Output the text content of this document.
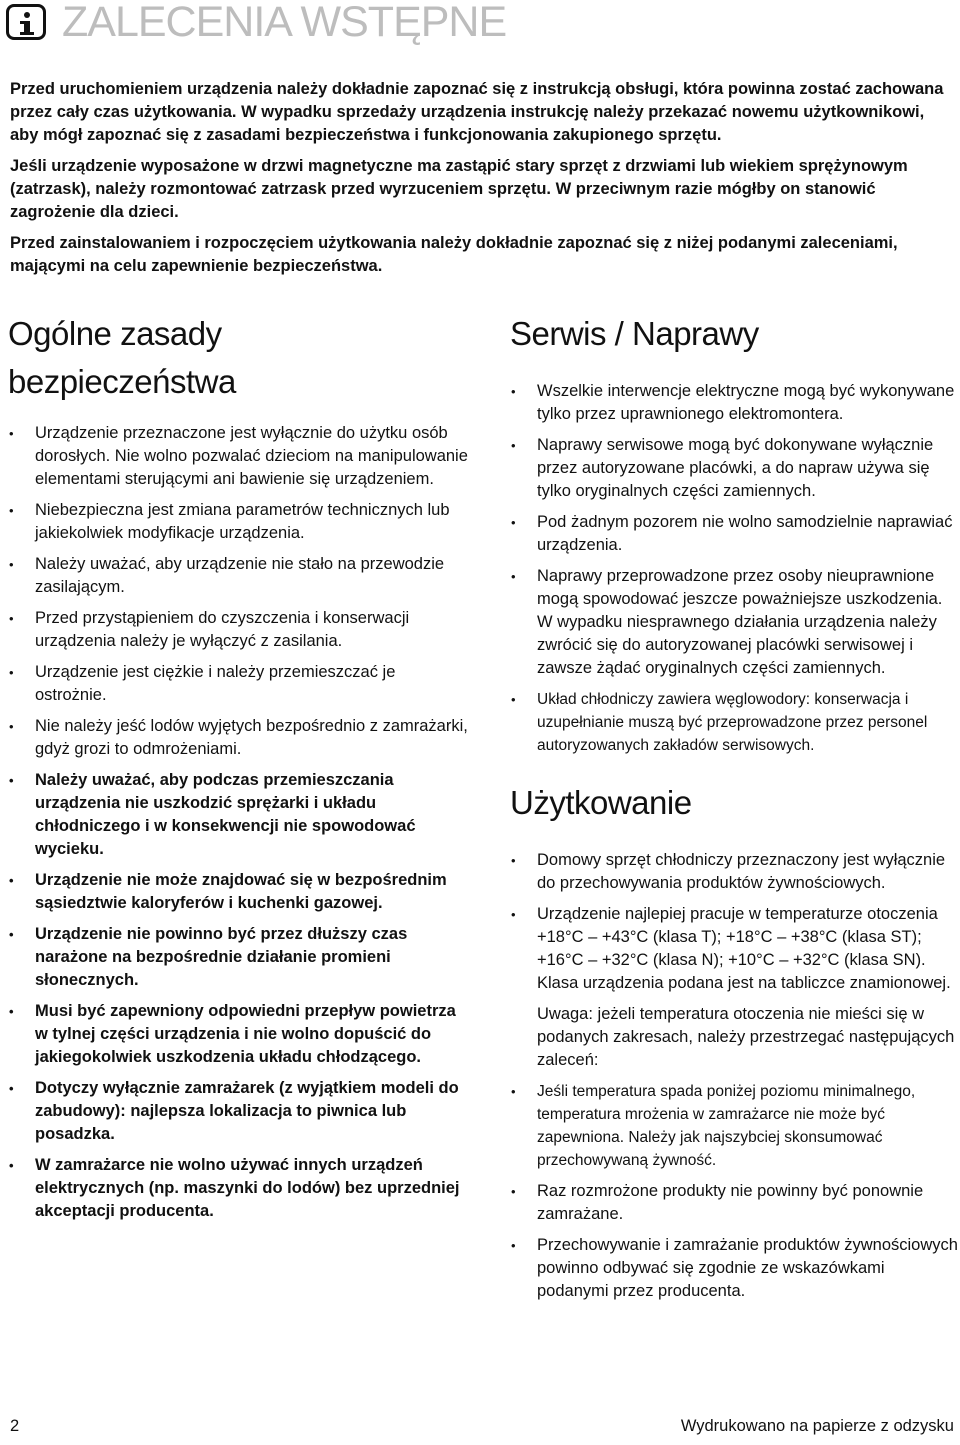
ZALECENIA WSTĘPNE

Przed uruchomieniem urządzenia należy dokładnie zapoznać się z instrukcją obsługi, która powinna zostać zachowana przez cały czas użytkowania. W wypadku sprzedaży urządzenia instrukcję należy przekazać nowemu użytkownikowi, aby mógł zapoznać się z zasadami bezpieczeństwa i funkcjonowania zakupionego sprzętu.

Jeśli urządzenie wyposażone w drzwi magnetyczne ma zastąpić stary sprzęt z drzwiami lub wiekiem sprężynowym (zatrzask), należy rozmontować zatrzask przed wyrzuceniem sprzętu. W przeciwnym razie mógłby on stanowić zagrożenie dla dzieci.

Przed zainstalowaniem i rozpoczęciem użytkowania należy dokładnie zapoznać się z niżej podanymi zaleceniami, mającymi na celu zapewnienie bezpieczeństwa.

Ogólne zasady
bezpieczeństwa
• Urządzenie przeznaczone jest wyłącznie do użytku osób dorosłych. Nie wolno pozwalać dzieciom na manipulowanie elementami sterującymi ani bawienie się urządzeniem.
• Niebezpieczna jest zmiana parametrów technicznych lub jakiekolwiek modyfikacje urządzenia.
• Należy uważać, aby urządzenie nie stało na przewodzie zasilającym.
• Przed przystąpieniem do czyszczenia i konserwacji urządzenia należy je wyłączyć z zasilania.
• Urządzenie jest ciężkie i należy przemieszczać je ostrożnie.
• Nie należy jeść lodów wyjętych bezpośrednio z zamrażarki, gdyż grozi to odmrożeniami.
• Należy uważać, aby podczas przemieszczania urządzenia nie uszkodzić sprężarki i układu chłodniczego i w konsekwencji nie spowodować wycieku.
• Urządzenie nie może znajdować się w bezpośrednim sąsiedztwie kaloryferów i kuchenki gazowej.
• Urządzenie nie powinno być przez dłuższy czas narażone na bezpośrednie działanie promieni słonecznych.
• Musi być zapewniony odpowiedni przepływ powietrza w tylnej części urządzenia i nie wolno dopuścić do jakiegokolwiek uszkodzenia układu chłodzącego.
• Dotyczy wyłącznie zamrażarek (z wyjątkiem modeli do zabudowy): najlepsza lokalizacja to piwnica lub posadzka.
• W zamrażarce nie wolno używać innych urządzeń elektrycznych (np. maszynki do lodów) bez uprzedniej akceptacji producenta.
Serwis / Naprawy
• Wszelkie interwencje elektryczne mogą być wykonywane tylko przez uprawnionego elektromontera.
• Naprawy serwisowe mogą być dokonywane wyłącznie przez autoryzowane placówki, a do napraw używa się tylko oryginalnych części zamiennych.
• Pod żadnym pozorem nie wolno samodzielnie naprawiać urządzenia.
• Naprawy przeprowadzone przez osoby nieuprawnione mogą spowodować jeszcze poważniejsze uszkodzenia. W wypadku niesprawnego działania urządzenia należy zwrócić się do autoryzowanej placówki serwisowej i zawsze żądać oryginalnych części zamiennych.
• Układ chłodniczy zawiera węglowodory: konserwacja i uzupełnianie muszą być przeprowadzone przez personel autoryzowanych zakładów serwisowych.
Użytkowanie
• Domowy sprzęt chłodniczy przeznaczony jest wyłącznie do przechowywania produktów żywnościowych.
• Urządzenie najlepiej pracuje w temperaturze otoczenia +18°C – +43°C (klasa T); +18°C – +38°C (klasa ST); +16°C – +32°C (klasa N); +10°C – +32°C (klasa SN). Klasa urządzenia podana jest na tabliczce znamionowej.

Uwaga: jeżeli temperatura otoczenia nie mieści się w podanych zakresach, należy przestrzegać następujących zaleceń:

• Jeśli temperatura spada poniżej poziomu minimalnego, temperatura mrożenia w zamrażarce nie może być zapewniona. Należy jak najszybciej skonsumować przechowywaną żywność.
• Raz rozmrożone produkty nie powinny być ponownie zamrażane.
• Przechowywanie i zamrażanie produktów żywnościowych powinno odbywać się zgodnie ze wskazówkami podanymi przez producenta.
2	Wydrukowano na papierze z odzysku
